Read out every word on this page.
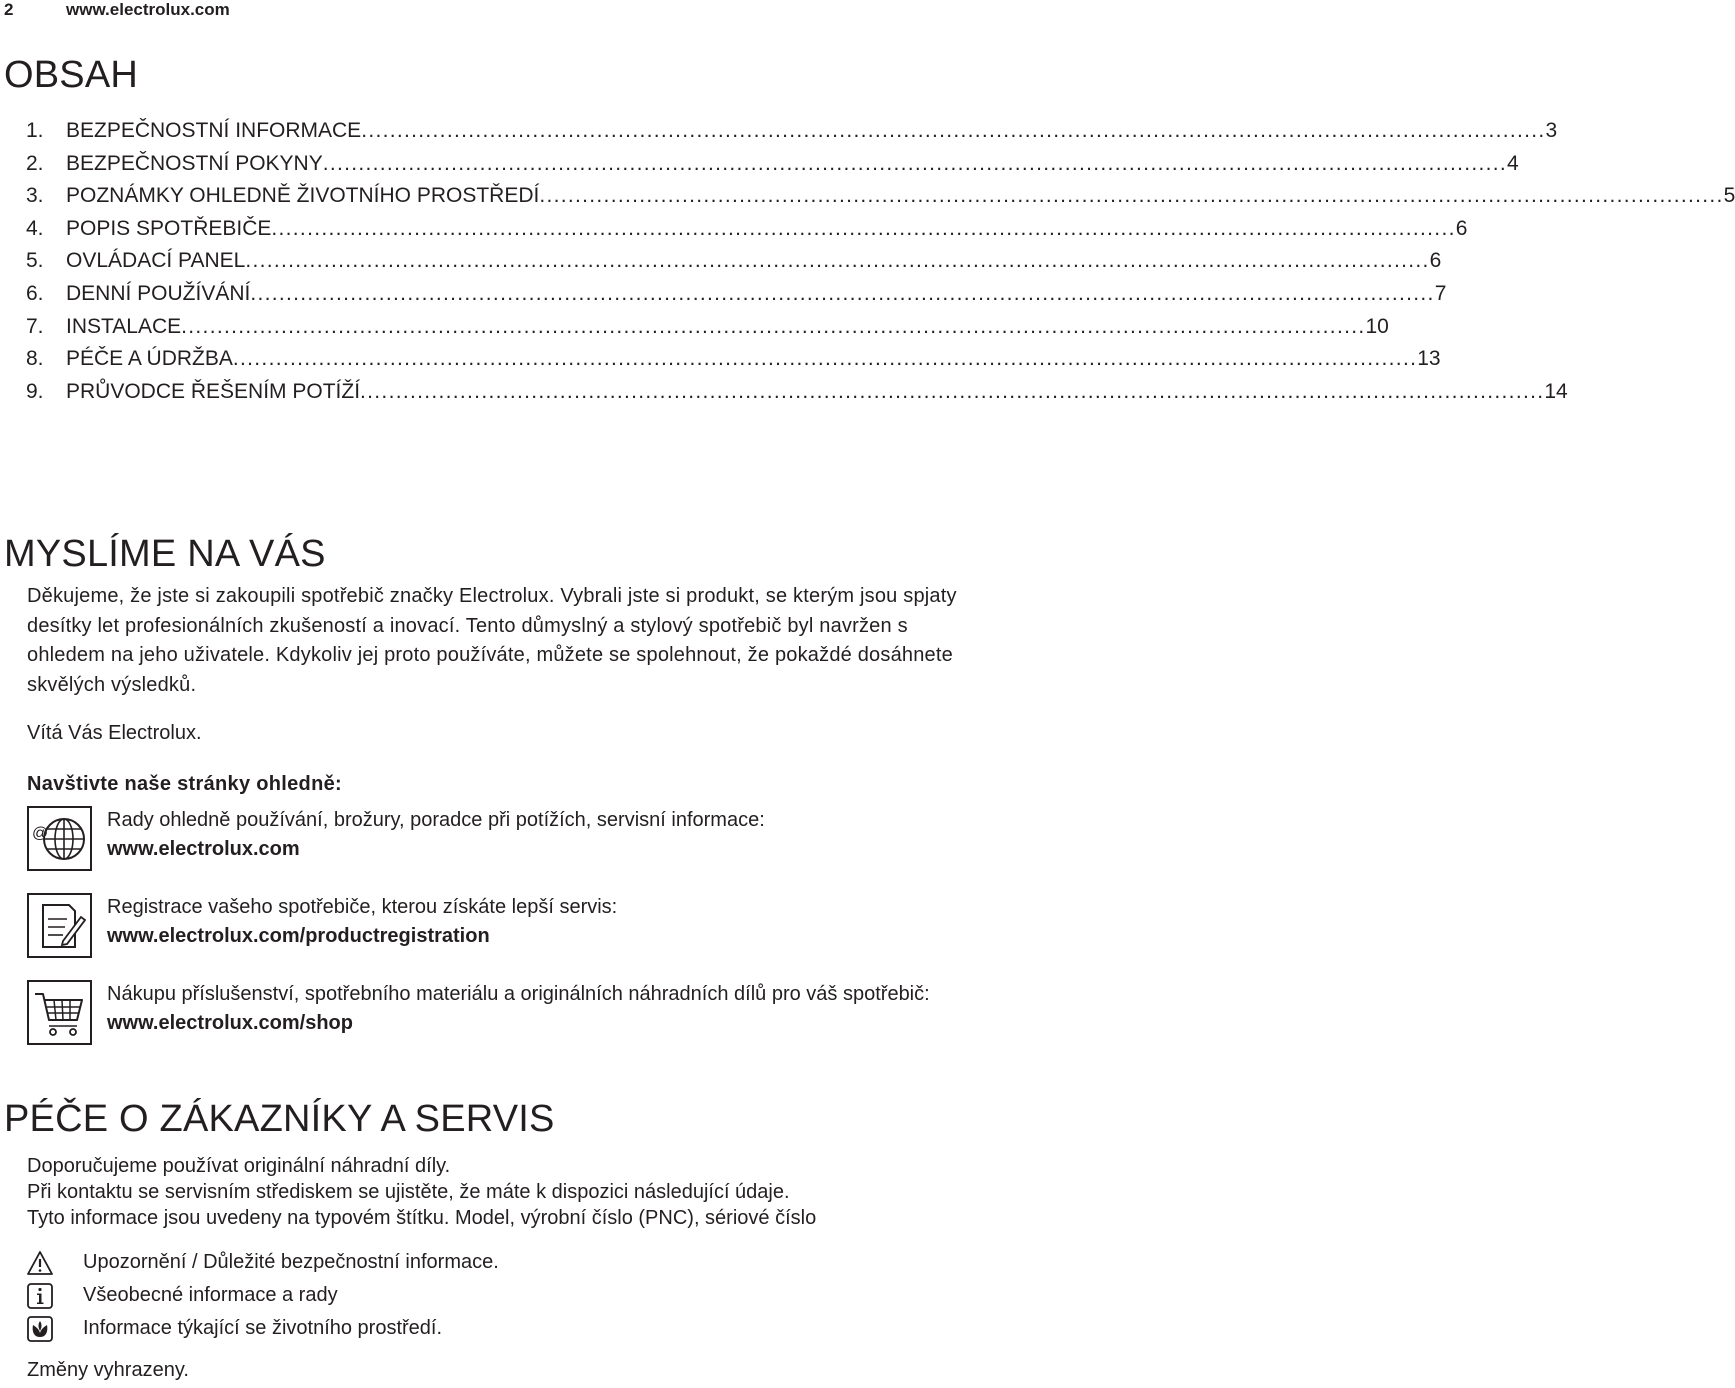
2	www.electrolux.com
OBSAH
1.	BEZPEČNOSTNÍ INFORMACE ...................................................................................................................................................................... 3
2.	BEZPEČNOSTNÍ POKYNY ...................................................................................................................................................................... 4
3.	POZNÁMKY OHLEDNĚ ŽIVOTNÍHO PROSTŘEDÍ ...................................................................................................................................................................... 5
4.	POPIS SPOTŘEBIČE ...................................................................................................................................................................... 6
5.	OVLÁDACÍ PANEL ...................................................................................................................................................................... 6
6.	DENNÍ POUŽÍVÁNÍ ...................................................................................................................................................................... 7
7.	INSTALACE ...................................................................................................................................................................... 10
8.	PÉČE A ÚDRŽBA ...................................................................................................................................................................... 13
9.	PRŮVODCE ŘEŠENÍM POTÍŽÍ ...................................................................................................................................................................... 14
MYSLÍME NA VÁS
Děkujeme, že jste si zakoupili spotřebič značky Electrolux. Vybrali jste si produkt, se kterým jsou spjaty desítky let profesionálních zkušeností a inovací. Tento důmyslný a stylový spotřebič byl navržen s ohledem na jeho uživatele. Kdykoliv jej proto používáte, můžete se spolehnout, že pokaždé dosáhnete skvělých výsledků.
Vítá Vás Electrolux.
Navštivte naše stránky ohledně:
@
Rady ohledně používání, brožury, poradce při potížích, servisní informace:
www.electrolux.com
Registrace vašeho spotřebiče, kterou získáte lepší servis:
www.electrolux.com/productregistration
Nákupu příslušenství, spotřebního materiálu a originálních náhradních dílů pro váš spotřebič:
www.electrolux.com/shop
PÉČE O ZÁKAZNÍKY A SERVIS
Doporučujeme používat originální náhradní díly.
Při kontaktu se servisním střediskem se ujistěte, že máte k dispozici následující údaje.
Tyto informace jsou uvedeny na typovém štítku. Model, výrobní číslo (PNC), sériové číslo
Upozornění / Důležité bezpečnostní informace.
Všeobecné informace a rady
Informace týkající se životního prostředí.
Změny vyhrazeny.
